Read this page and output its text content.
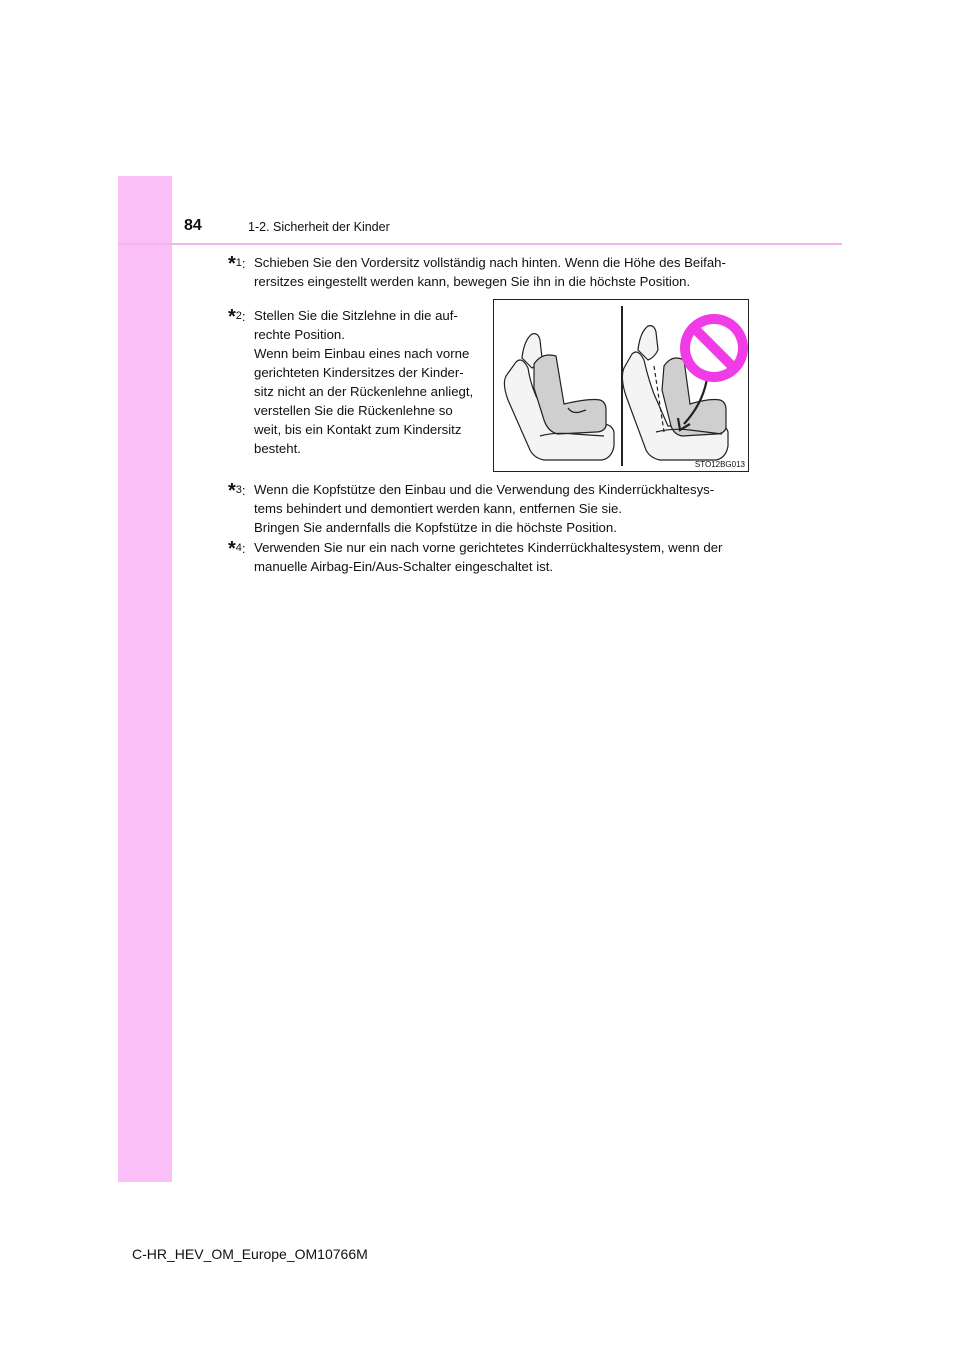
84	1-2. Sicherheit der Kinder
*1: Schieben Sie den Vordersitz vollständig nach hinten. Wenn die Höhe des Beifah-
rersitzes eingestellt werden kann, bewegen Sie ihn in die höchste Position.
*2: Stellen Sie die Sitzlehne in die auf-
rechte Position.
Wenn beim Einbau eines nach vorne
gerichteten Kindersitzes der Kinder-
sitz nicht an der Rückenlehne anliegt,
verstellen Sie die Rückenlehne so
weit, bis ein Kontakt zum Kindersitz
besteht.
STO12BG013
*3: Wenn die Kopfstütze den Einbau und die Verwendung des Kinderrückhaltesys-
tems behindert und demontiert werden kann, entfernen Sie sie.
Bringen Sie andernfalls die Kopfstütze in die höchste Position.
*4: Verwenden Sie nur ein nach vorne gerichtetes Kinderrückhaltesystem, wenn der
manuelle Airbag-Ein/Aus-Schalter eingeschaltet ist.
C-HR_HEV_OM_Europe_OM10766M
